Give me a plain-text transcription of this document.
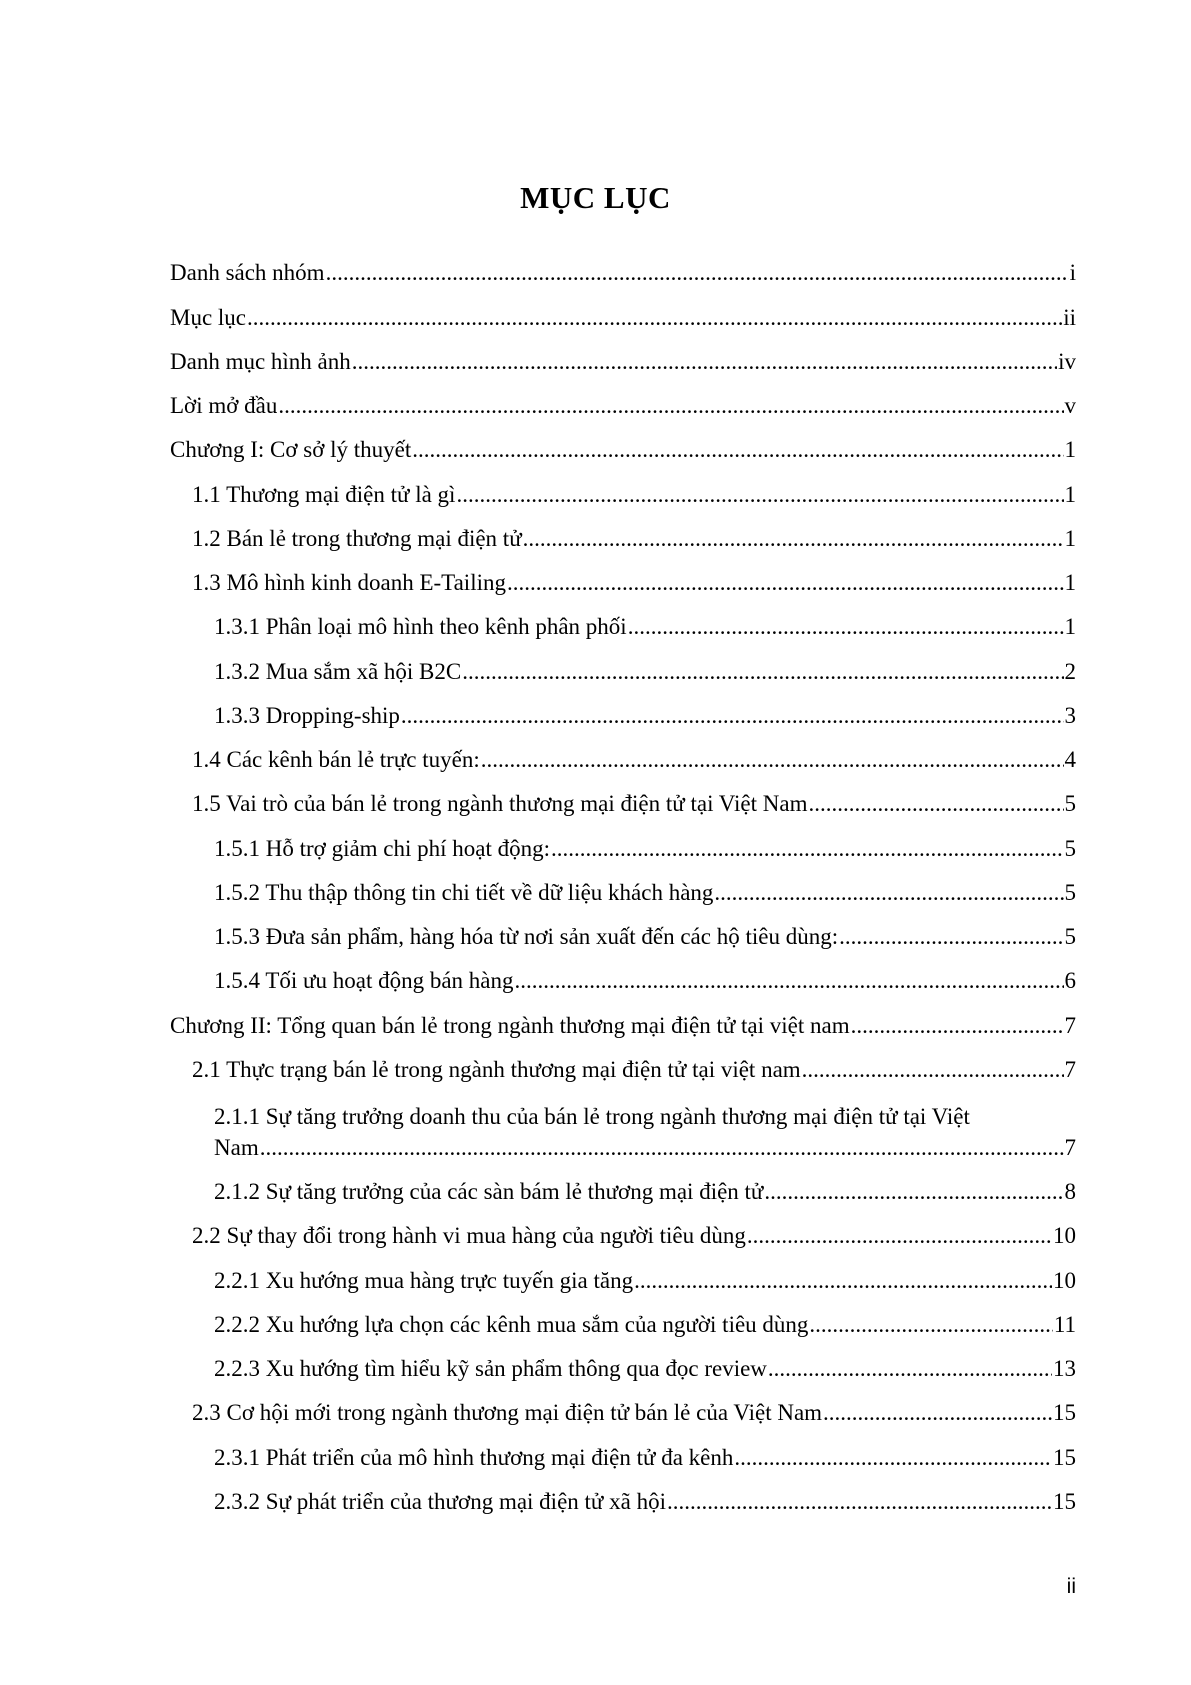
MỤC LỤC
Danh sách nhóm .....	i
Mục lục .....	ii
Danh mục hình ảnh .....	iv
Lời mở đầu .....	v
Chương I: Cơ sở lý thuyết .....	1
1.1 Thương mại điện tử là gì .....	1
1.2 Bán lẻ trong thương mại điện tử .....	1
1.3 Mô hình kinh doanh E-Tailing .....	1
1.3.1 Phân loại mô hình theo kênh phân phối .....	1
1.3.2 Mua sắm xã hội B2C .....	2
1.3.3 Dropping-ship .....	3
1.4 Các kênh bán lẻ trực tuyến: .....	4
1.5 Vai trò của bán lẻ trong ngành thương mại điện tử tại Việt Nam .....	5
1.5.1 Hỗ trợ giảm chi phí hoạt động: .....	5
1.5.2 Thu thập thông tin chi tiết về dữ liệu khách hàng .....	5
1.5.3 Đưa sản phẩm, hàng hóa từ nơi sản xuất đến các hộ tiêu dùng: .....	5
1.5.4 Tối ưu hoạt động bán hàng .....	6
Chương II: Tổng quan bán lẻ trong ngành thương mại điện tử tại việt nam .....	7
2.1 Thực trạng bán lẻ trong ngành thương mại điện tử tại việt nam .....	7
2.1.1 Sự tăng trưởng doanh thu của bán lẻ trong ngành thương mại điện tử tại Việt
Nam .....	7
2.1.2 Sự tăng trưởng của các sàn bám lẻ thương mại điện tử .....	8
2.2 Sự thay đổi trong hành vi mua hàng của người tiêu dùng .....	10
2.2.1 Xu hướng mua hàng trực tuyến gia tăng .....	10
2.2.2 Xu hướng lựa chọn các kênh mua sắm của người tiêu dùng .....	11
2.2.3 Xu hướng tìm hiểu kỹ sản phẩm thông qua đọc review .....	13
2.3 Cơ hội mới trong ngành thương mại điện tử bán lẻ của Việt Nam .....	15
2.3.1 Phát triển của mô hình thương mại điện tử đa kênh .....	15
2.3.2 Sự phát triển của thương mại điện tử xã hội .....	15
ii
